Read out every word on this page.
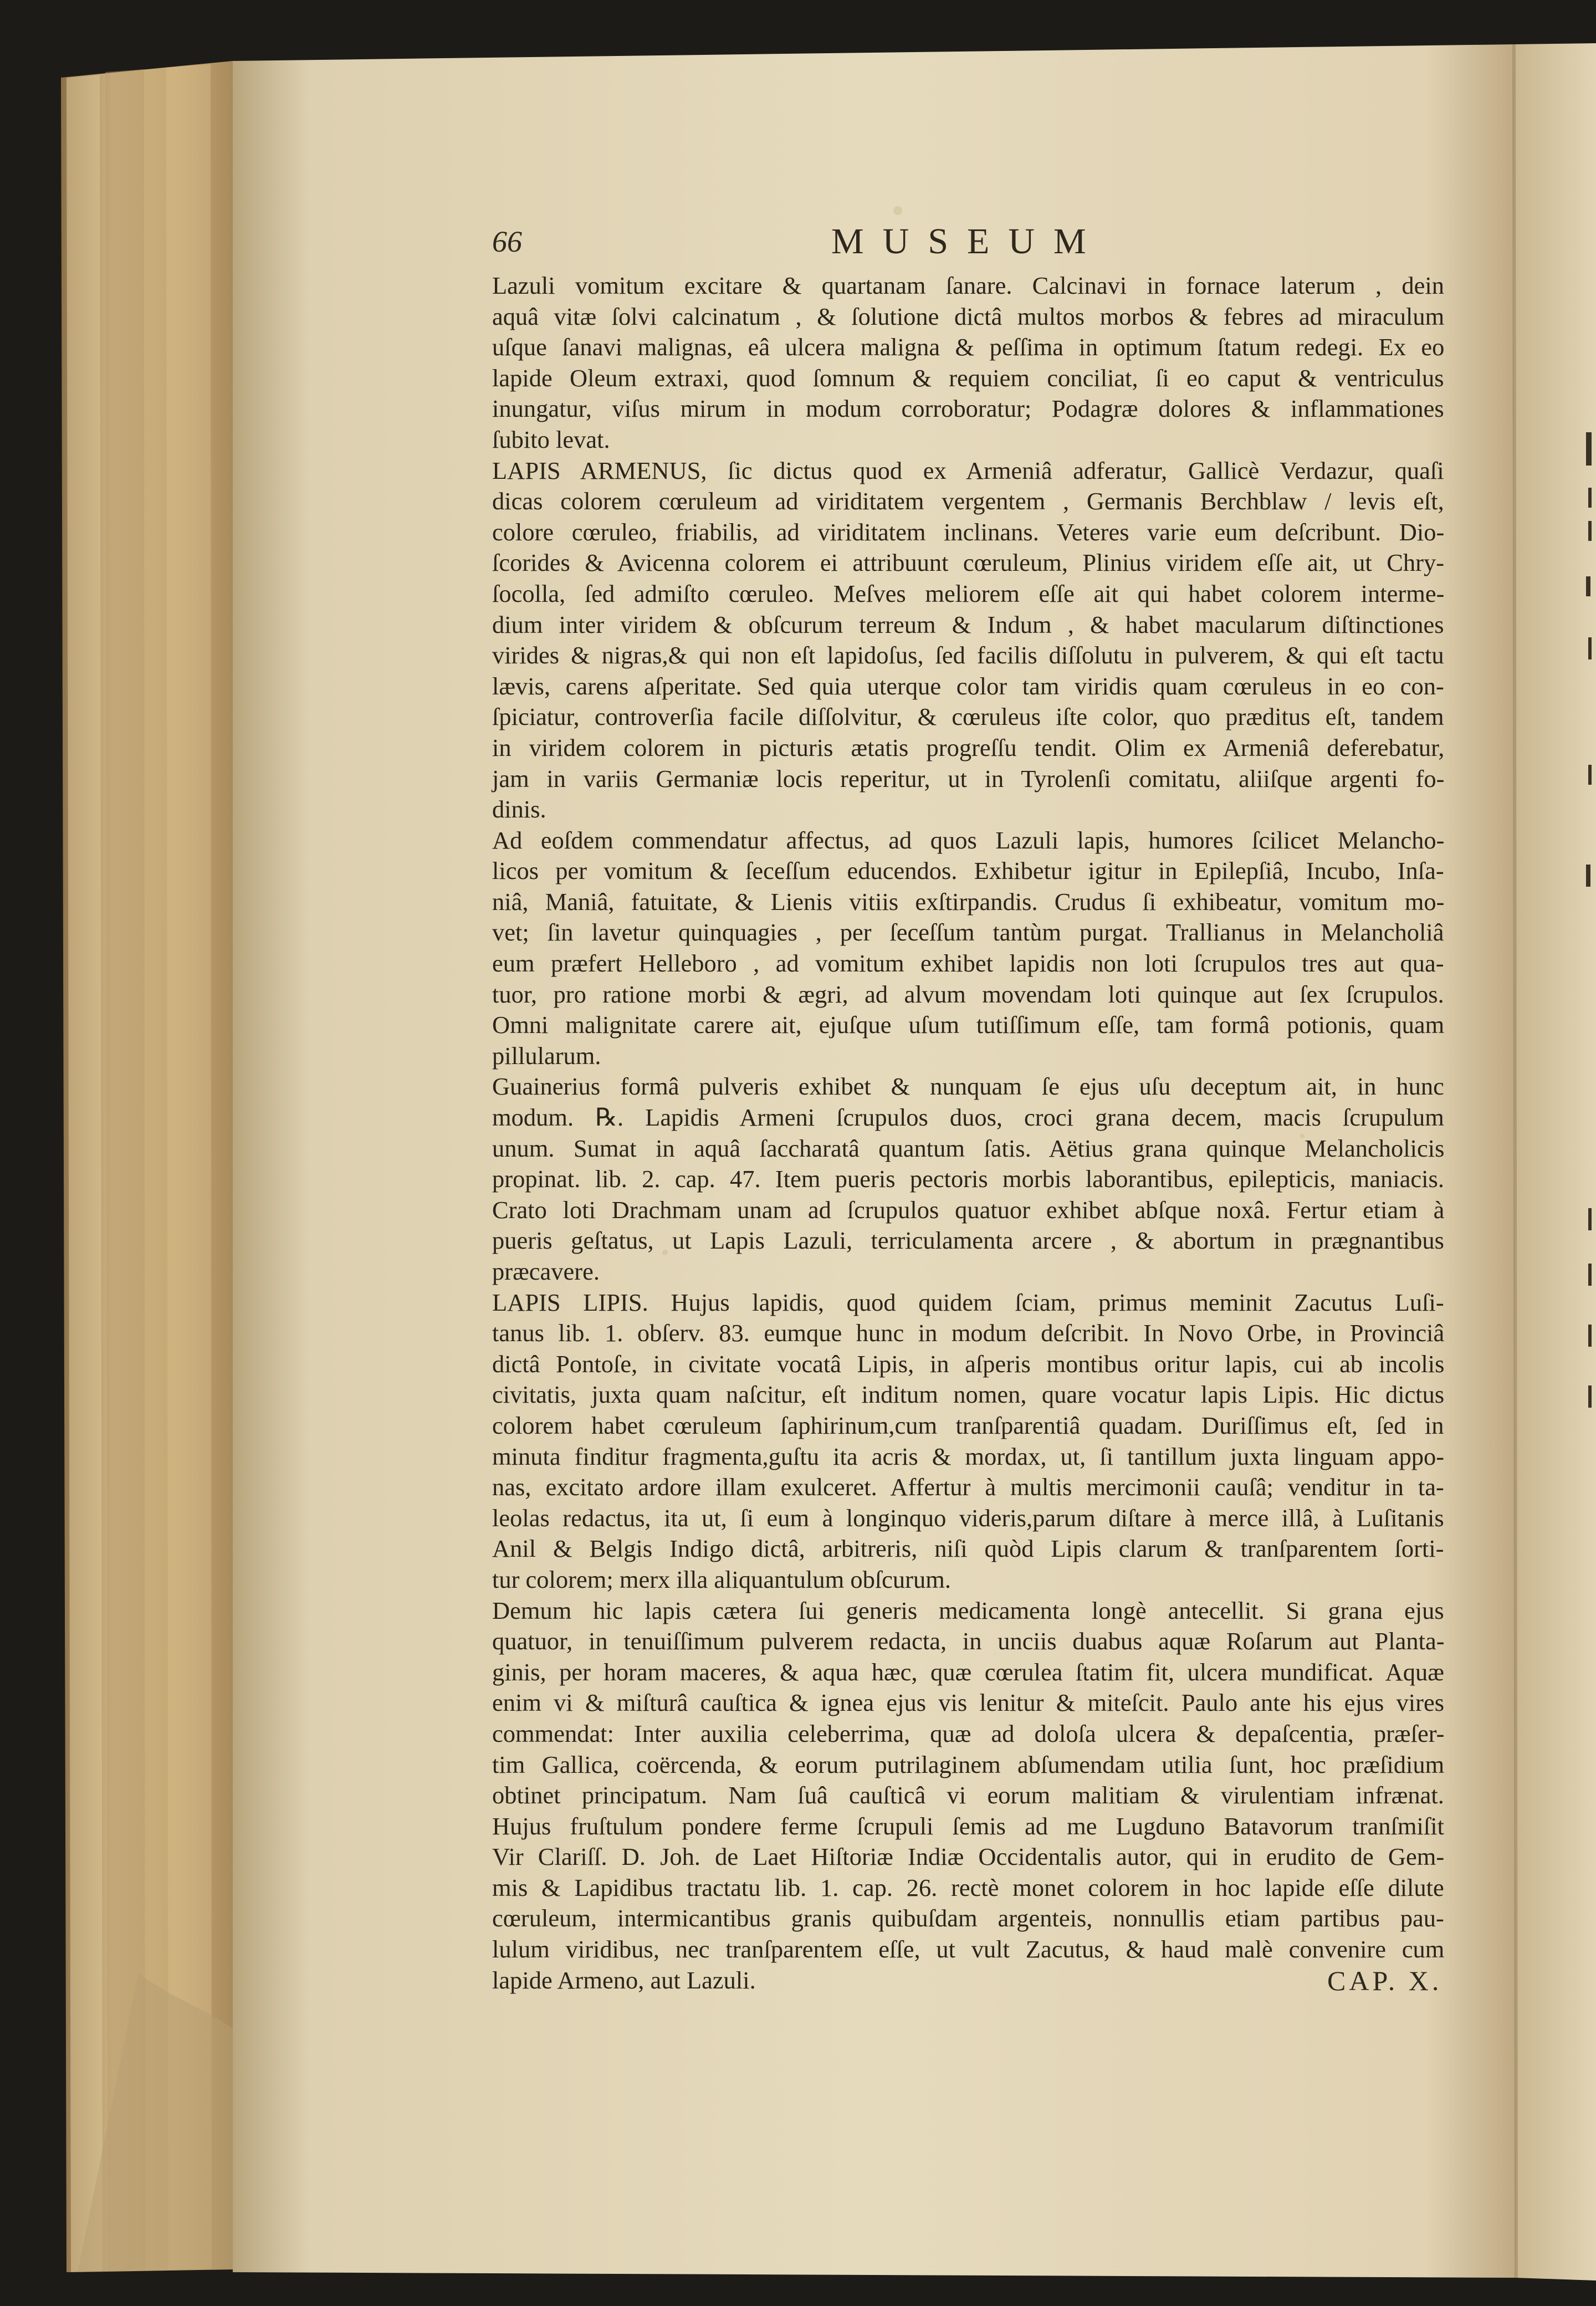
66	MUSEUM
Lazuli vomitum excitare & quartanam ſanare. Calcinavi in fornace laterum , dein
aquâ vitæ ſolvi calcinatum , & ſolutione dictâ multos morbos & febres ad miraculum
uſque ſanavi malignas, eâ ulcera maligna & peſſima in optimum ſtatum redegi. Ex eo
lapide Oleum extraxi, quod ſomnum & requiem conciliat, ſi eo caput & ventriculus
inungatur, viſus mirum in modum corroboratur; Podagræ dolores & inflammationes
ſubito levat.
LAPIS ARMENUS, ſic dictus quod ex Armeniâ adferatur, Gallicè Verdazur, quaſi
dicas colorem cœruleum ad viriditatem vergentem , Germanis Berchblaw / levis eſt,
colore cœruleo, friabilis, ad viriditatem inclinans. Veteres varie eum deſcribunt. Dio-
ſcorides & Avicenna colorem ei attribuunt cœruleum, Plinius viridem eſſe ait, ut Chry-
ſocolla, ſed admiſto cœruleo. Meſves meliorem eſſe ait qui habet colorem interme-
dium inter viridem & obſcurum terreum & Indum , & habet macularum diſtinctiones
virides & nigras,& qui non eſt lapidoſus, ſed facilis diſſolutu in pulverem, & qui eſt tactu
lævis, carens aſperitate. Sed quia uterque color tam viridis quam cœruleus in eo con-
ſpiciatur, controverſia facile diſſolvitur, & cœruleus iſte color, quo præditus eſt, tandem
in viridem colorem in picturis ætatis progreſſu tendit. Olim ex Armeniâ deferebatur,
jam in variis Germaniæ locis reperitur, ut in Tyrolenſi comitatu, aliiſque argenti fo-
dinis.
Ad eoſdem commendatur affectus, ad quos Lazuli lapis, humores ſcilicet Melancho-
licos per vomitum & ſeceſſum educendos. Exhibetur igitur in Epilepſiâ, Incubo, Inſa-
niâ, Maniâ, fatuitate, & Lienis vitiis exſtirpandis. Crudus ſi exhibeatur, vomitum mo-
vet; ſin lavetur quinquagies , per ſeceſſum tantùm purgat. Trallianus in Melancholiâ
eum præfert Helleboro , ad vomitum exhibet lapidis non loti ſcrupulos tres aut qua-
tuor, pro ratione morbi & ægri, ad alvum movendam loti quinque aut ſex ſcrupulos.
Omni malignitate carere ait, ejuſque uſum tutiſſimum eſſe, tam formâ potionis, quam
pillularum.
Guainerius formâ pulveris exhibet & nunquam ſe ejus uſu deceptum ait, in hunc
modum. ℞. Lapidis Armeni ſcrupulos duos, croci grana decem, macis ſcrupulum
unum. Sumat in aquâ ſaccharatâ quantum ſatis. Aëtius grana quinque Melancholicis
propinat. lib. 2. cap. 47. Item pueris pectoris morbis laborantibus, epilepticis, maniacis.
Crato loti Drachmam unam ad ſcrupulos quatuor exhibet abſque noxâ. Fertur etiam à
pueris geſtatus, ut Lapis Lazuli, terriculamenta arcere , & abortum in prægnantibus
præcavere.
LAPIS LIPIS. Hujus lapidis, quod quidem ſciam, primus meminit Zacutus Luſi-
tanus lib. 1. obſerv. 83. eumque hunc in modum deſcribit. In Novo Orbe, in Provinciâ
dictâ Pontoſe, in civitate vocatâ Lipis, in aſperis montibus oritur lapis, cui ab incolis
civitatis, juxta quam naſcitur, eſt inditum nomen, quare vocatur lapis Lipis. Hic dictus
colorem habet cœruleum ſaphirinum,cum tranſparentiâ quadam. Duriſſimus eſt, ſed in
minuta finditur fragmenta,guſtu ita acris & mordax, ut, ſi tantillum juxta linguam appo-
nas, excitato ardore illam exulceret. Affertur à multis mercimonii cauſâ; venditur in ta-
leolas redactus, ita ut, ſi eum à longinquo videris,parum diſtare à merce illâ, à Luſitanis
Anil & Belgis Indigo dictâ, arbitreris, niſi quòd Lipis clarum & tranſparentem ſorti-
tur colorem; merx illa aliquantulum obſcurum.
Demum hic lapis cætera ſui generis medicamenta longè antecellit. Si grana ejus
quatuor, in tenuiſſimum pulverem redacta, in unciis duabus aquæ Roſarum aut Planta-
ginis, per horam maceres, & aqua hæc, quæ cœrulea ſtatim fit, ulcera mundificat. Aquæ
enim vi & miſturâ cauſtica & ignea ejus vis lenitur & miteſcit. Paulo ante his ejus vires
commendat: Inter auxilia celeberrima, quæ ad doloſa ulcera & depaſcentia, præſer-
tim Gallica, coërcenda, & eorum putrilaginem abſumendam utilia ſunt, hoc præſidium
obtinet principatum. Nam ſuâ cauſticâ vi eorum malitiam & virulentiam infrænat.
Hujus fruſtulum pondere ferme ſcrupuli ſemis ad me Lugduno Batavorum tranſmiſit
Vir Clariſſ. D. Joh. de Laet Hiſtoriæ Indiæ Occidentalis autor, qui in erudito de Gem-
mis & Lapidibus tractatu lib. 1. cap. 26. rectè monet colorem in hoc lapide eſſe dilute
cœruleum, intermicantibus granis quibuſdam argenteis, nonnullis etiam partibus pau-
lulum viridibus, nec tranſparentem eſſe, ut vult Zacutus, & haud malè convenire cum
lapide Armeno, aut Lazuli.	CAP. X.
